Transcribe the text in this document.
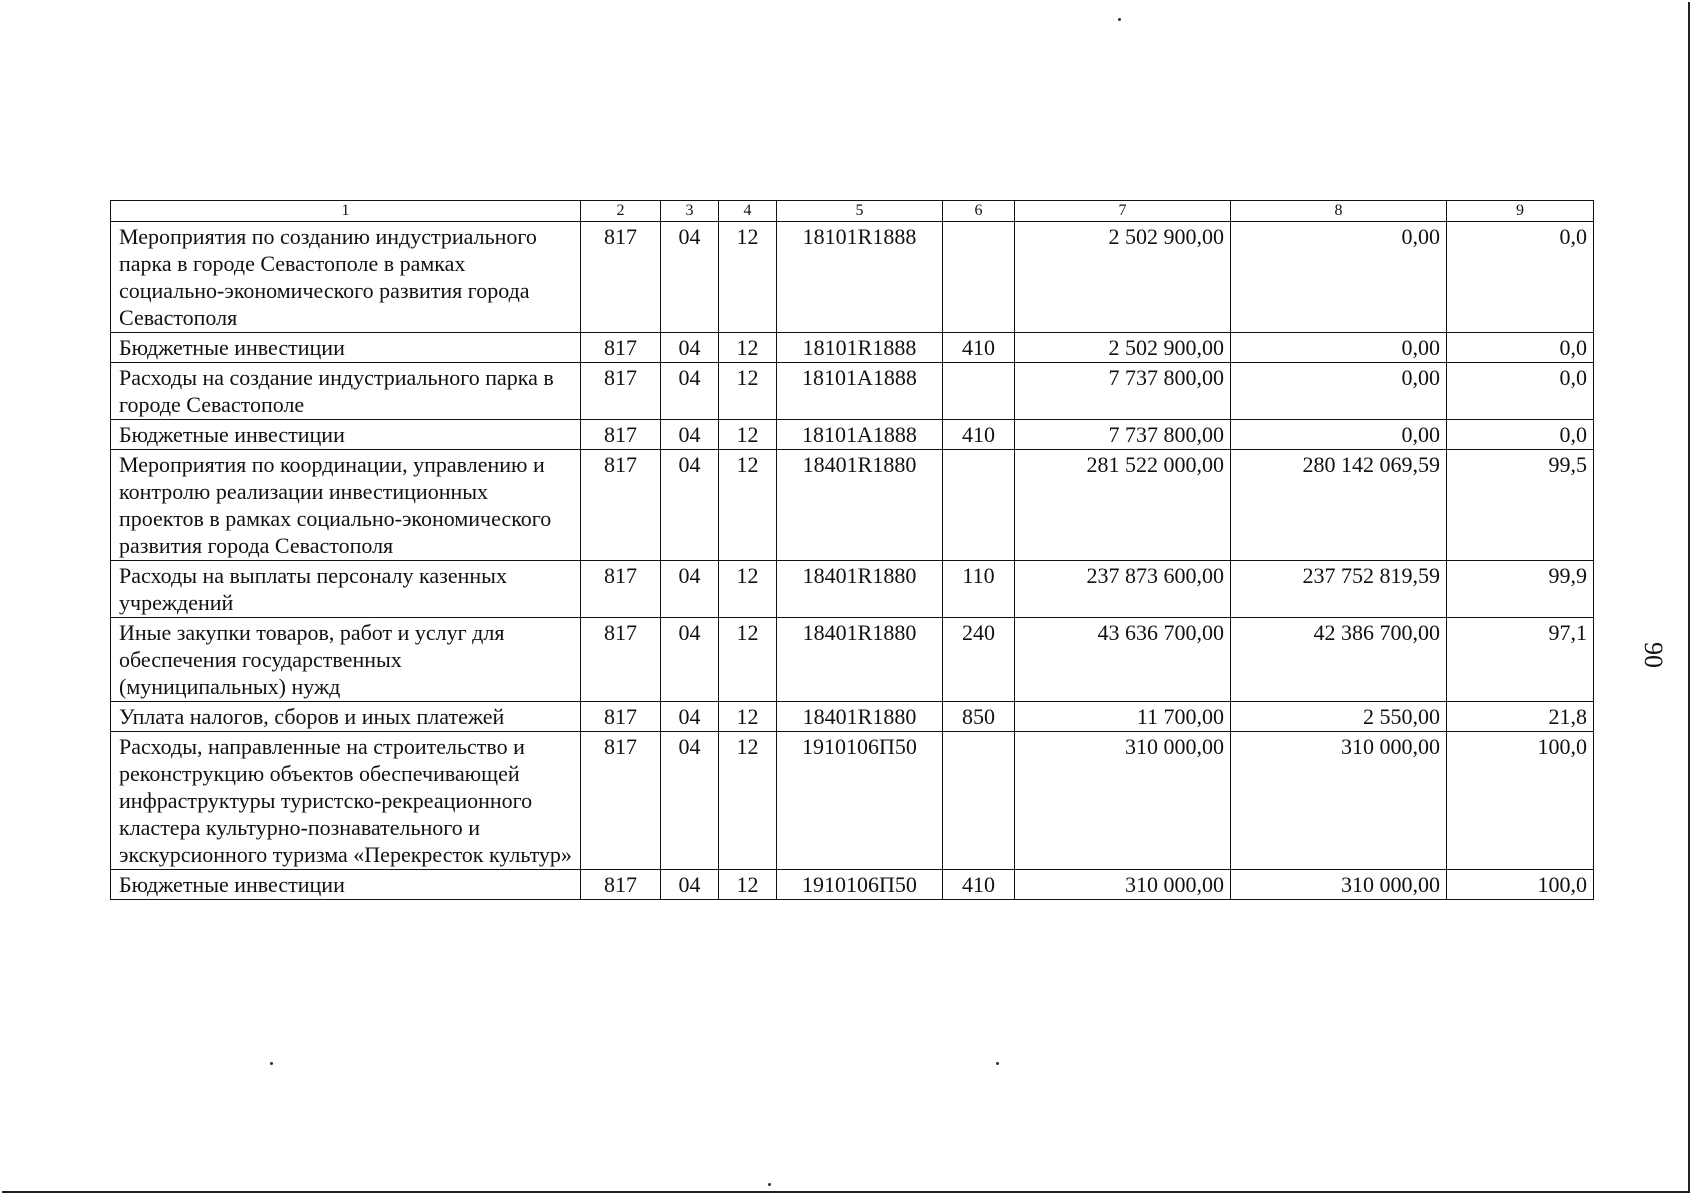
1	2	3	4	5	6	7	8	9
Мероприятия по созданию индустриального парка в городе Севастополе в рамках социально-экономического развития города Севастополя	817	04	12	18101R1888		2 502 900,00	0,00	0,0
Бюджетные инвестиции	817	04	12	18101R1888	410	2 502 900,00	0,00	0,0
Расходы на создание индустриального парка в городе Севастополе	817	04	12	18101A1888		7 737 800,00	0,00	0,0
Бюджетные инвестиции	817	04	12	18101A1888	410	7 737 800,00	0,00	0,0
Мероприятия по координации, управлению и контролю реализации инвестиционных проектов в рамках социально-экономического развития города Севастополя	817	04	12	18401R1880		281 522 000,00	280 142 069,59	99,5
Расходы на выплаты персоналу казенных учреждений	817	04	12	18401R1880	110	237 873 600,00	237 752 819,59	99,9
Иные закупки товаров, работ и услуг для обеспечения государственных (муниципальных) нужд	817	04	12	18401R1880	240	43 636 700,00	42 386 700,00	97,1
Уплата налогов, сборов и иных платежей	817	04	12	18401R1880	850	11 700,00	2 550,00	21,8
Расходы, направленные на строительство и реконструкцию объектов обеспечивающей инфраструктуры туристско-рекреационного кластера культурно-познавательного и экскурсионного туризма «Перекресток культур»	817	04	12	1910106П50		310 000,00	310 000,00	100,0
Бюджетные инвестиции	817	04	12	1910106П50	410	310 000,00	310 000,00	100,0
90
